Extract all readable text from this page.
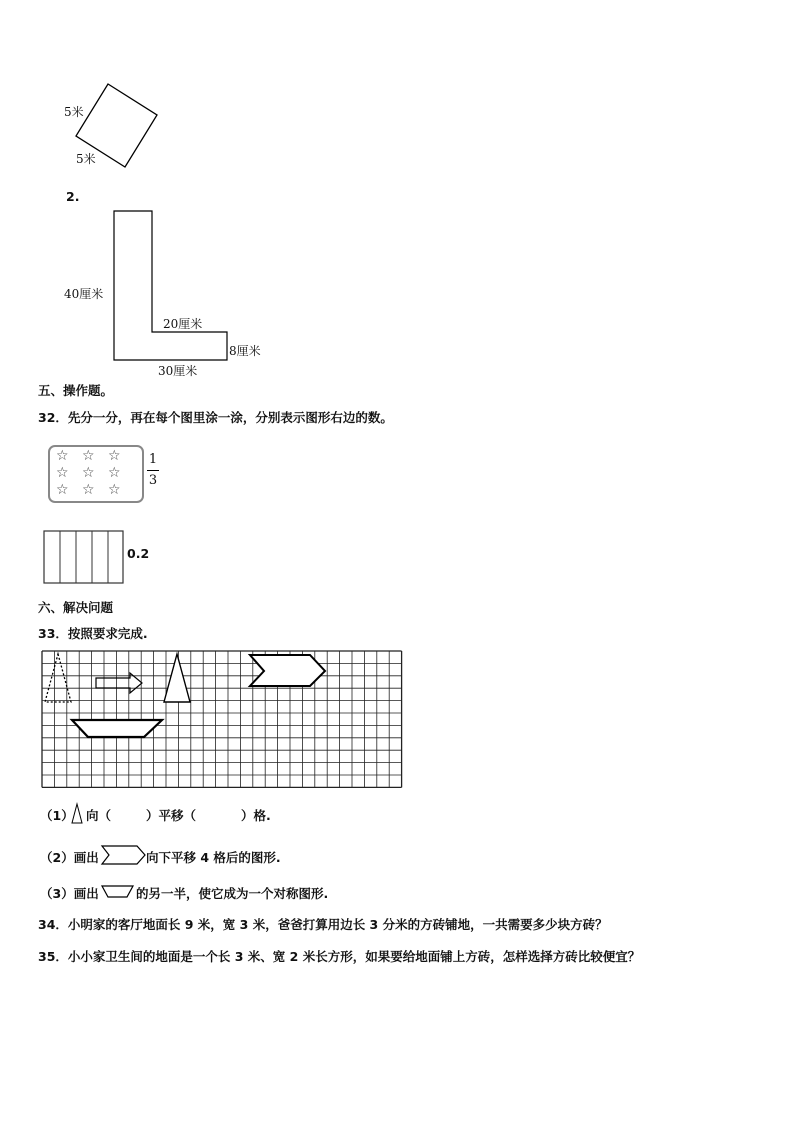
5米
5米
2.
40厘米
20厘米
8厘米
30厘米
五、操作题。
32．先分一分，再在每个图里涂一涂，分别表示图形右边的数。
☆ ☆ ☆
☆ ☆ ☆
☆ ☆ ☆
1
3
0.2
六、解决问题
33．按照要求完成.
（1） 向（	）平移（	）格.
（2）画出	向下平移 4 格后的图形.
（3）画出	的另一半，使它成为一个对称图形.
34．小明家的客厅地面长 9 米，宽 3 米，爸爸打算用边长 3 分米的方砖铺地，一共需要多少块方砖？
35．小小家卫生间的地面是一个长 3 米、宽 2 米长方形，如果要给地面铺上方砖，怎样选择方砖比较便宜？
